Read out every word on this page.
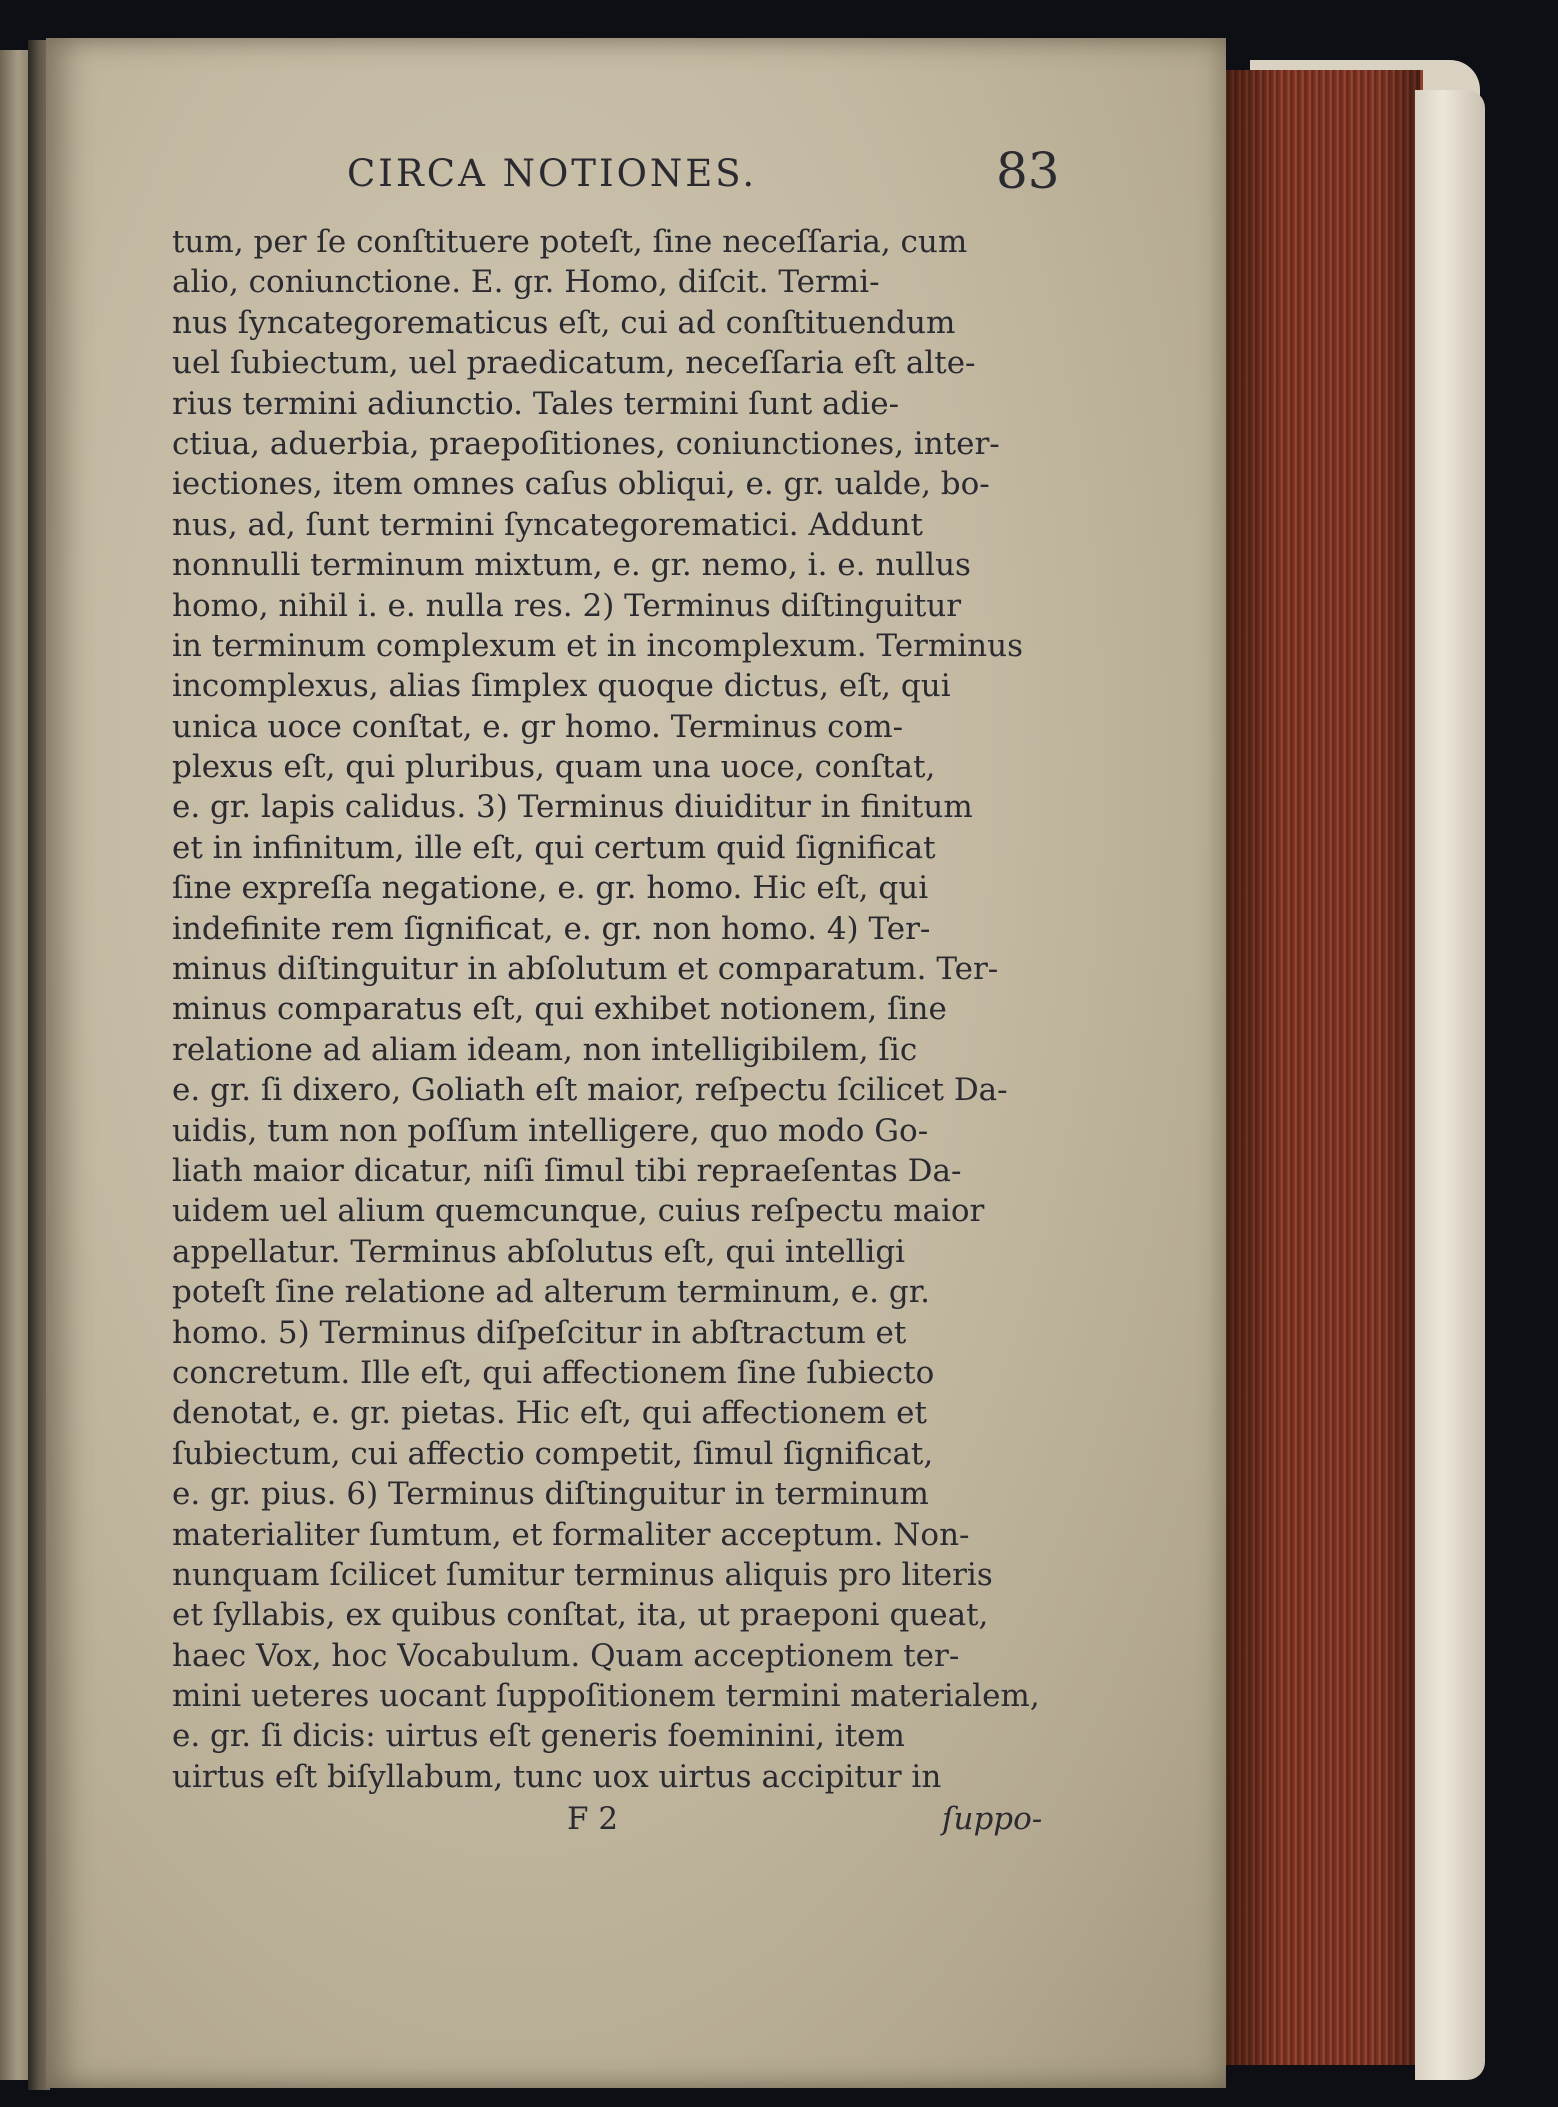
CIRCA NOTIONES.	83
tum, per ſe conſtituere poteſt, ſine neceſſaria, cum
alio, coniunctione. E. gr. Homo, diſcit. Termi-
nus ſyncategorematicus eſt, cui ad conſtituendum
uel ſubiectum, uel praedicatum, neceſſaria eſt alte-
rius termini adiunctio. Tales termini ſunt adie-
ctiua, aduerbia, praepoſitiones, coniunctiones, inter-
iectiones, item omnes caſus obliqui, e. gr. ualde, bo-
nus, ad, ſunt termini ſyncategorematici. Addunt
nonnulli terminum mixtum, e. gr. nemo, i. e. nullus
homo, nihil i. e. nulla res. 2) Terminus diſtinguitur
in terminum complexum et in incomplexum. Terminus
incomplexus, alias ſimplex quoque dictus, eſt, qui
unica uoce conſtat, e. gr homo. Terminus com-
plexus eſt, qui pluribus, quam una uoce, conſtat,
e. gr. lapis calidus. 3) Terminus diuiditur in finitum
et in infinitum, ille eſt, qui certum quid ſignificat
ſine expreſſa negatione, e. gr. homo. Hic eſt, qui
indefinite rem ſignificat, e. gr. non homo. 4) Ter-
minus diſtinguitur in abſolutum et comparatum. Ter-
minus comparatus eſt, qui exhibet notionem, ſine
relatione ad aliam ideam, non intelligibilem, ſic
e. gr. ſi dixero, Goliath eſt maior, reſpectu ſcilicet Da-
uidis, tum non poſſum intelligere, quo modo Go-
liath maior dicatur, niſi ſimul tibi repraeſentas Da-
uidem uel alium quemcunque, cuius reſpectu maior
appellatur. Terminus abſolutus eſt, qui intelligi
poteſt ſine relatione ad alterum terminum, e. gr.
homo. 5) Terminus diſpeſcitur in abſtractum et
concretum. Ille eſt, qui affectionem ſine ſubiecto
denotat, e. gr. pietas. Hic eſt, qui affectionem et
ſubiectum, cui affectio competit, ſimul ſignificat,
e. gr. pius. 6) Terminus diſtinguitur in terminum
materialiter ſumtum, et formaliter acceptum. Non-
nunquam ſcilicet ſumitur terminus aliquis pro literis
et ſyllabis, ex quibus conſtat, ita, ut praeponi queat,
haec Vox, hoc Vocabulum. Quam acceptionem ter-
mini ueteres uocant ſuppoſitionem termini materialem,
e. gr. ſi dicis: uirtus eſt generis foeminini, item
uirtus eſt biſyllabum, tunc uox uirtus accipitur in
F 2	ſuppo-
